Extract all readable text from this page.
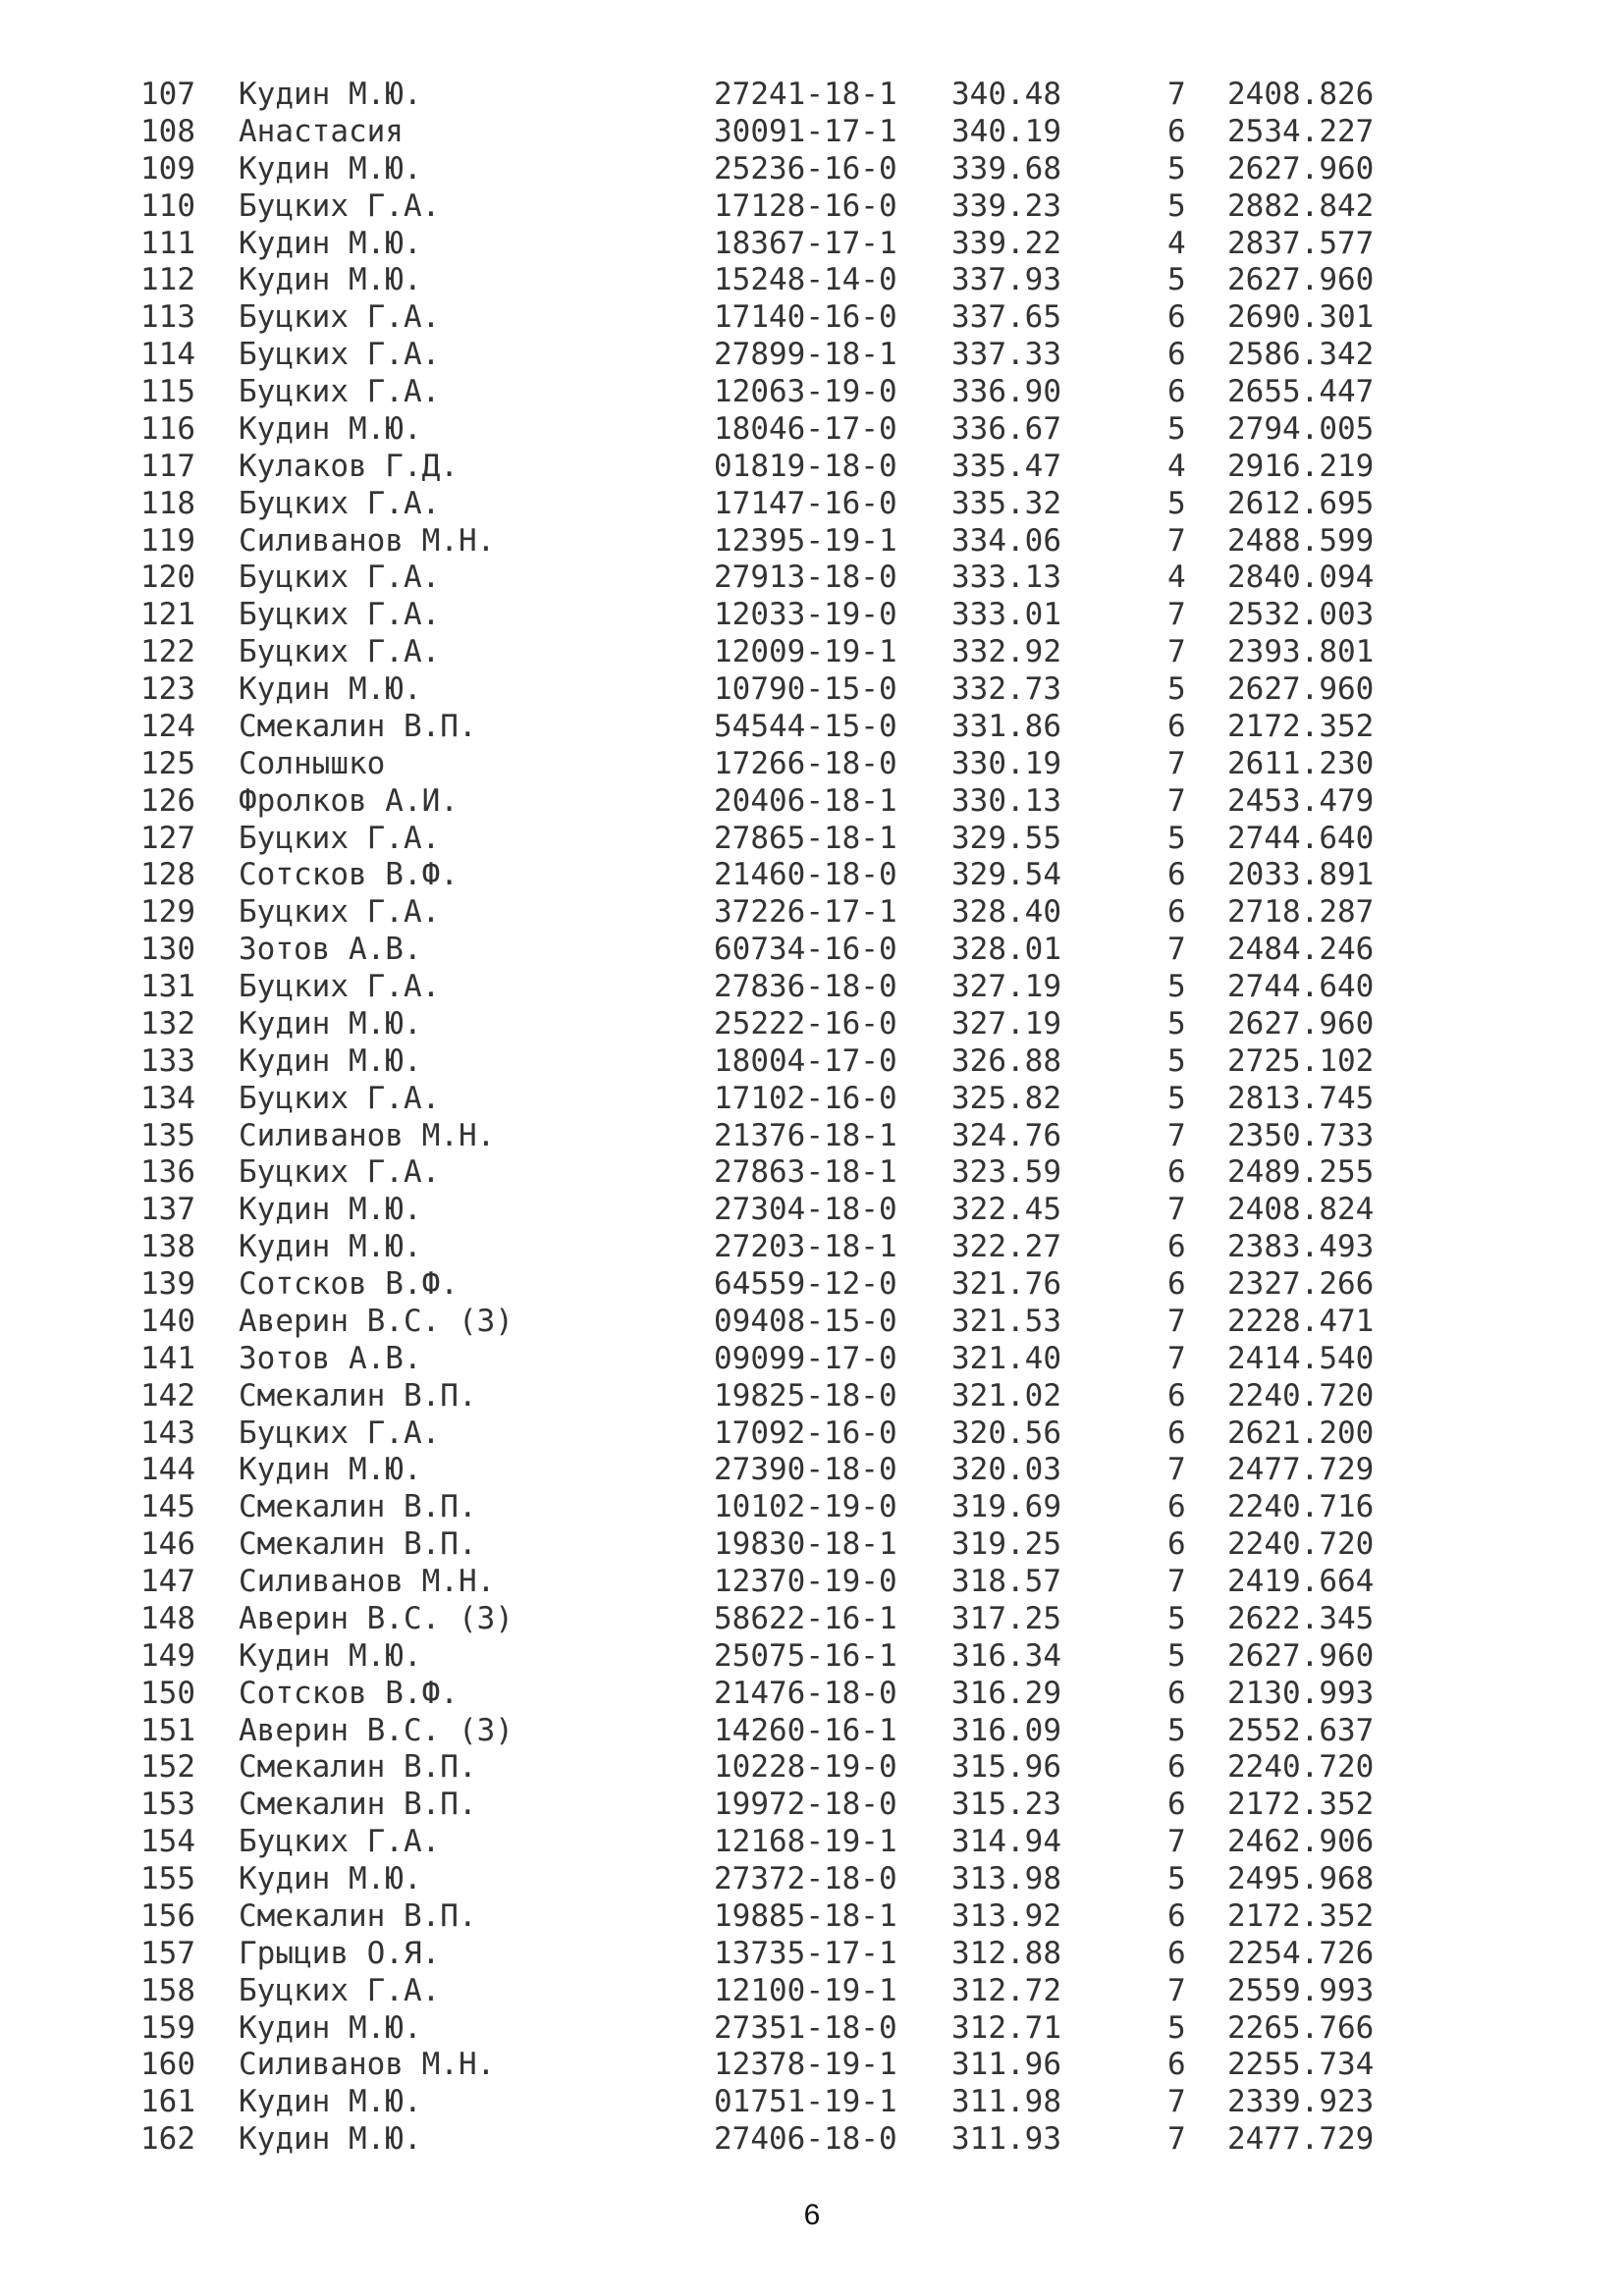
107 Кудин М.Ю.	27241-18-1 340.48	7 2408.826
108 Анастасия	30091-17-1 340.19	6 2534.227
109 Кудин М.Ю.	25236-16-0 339.68	5 2627.960
110 Буцких Г.А.	17128-16-0 339.23	5 2882.842
111 Кудин М.Ю.	18367-17-1 339.22	4 2837.577
112 Кудин М.Ю.	15248-14-0 337.93	5 2627.960
113 Буцких Г.А.	17140-16-0 337.65	6 2690.301
114 Буцких Г.А.	27899-18-1 337.33	6 2586.342
115 Буцких Г.А.	12063-19-0 336.90	6 2655.447
116 Кудин М.Ю.	18046-17-0 336.67	5 2794.005
117 Кулаков Г.Д.	01819-18-0 335.47	4 2916.219
118 Буцких Г.А.	17147-16-0 335.32	5 2612.695
119 Силиванов М.Н.	12395-19-1 334.06	7 2488.599
120 Буцких Г.А.	27913-18-0 333.13	4 2840.094
121 Буцких Г.А.	12033-19-0 333.01	7 2532.003
122 Буцких Г.А.	12009-19-1 332.92	7 2393.801
123 Кудин М.Ю.	10790-15-0 332.73	5 2627.960
124 Смекалин В.П.	54544-15-0 331.86	6 2172.352
125 Солнышко	17266-18-0 330.19	7 2611.230
126 Фролков А.И.	20406-18-1 330.13	7 2453.479
127 Буцких Г.А.	27865-18-1 329.55	5 2744.640
128 Сотсков В.Ф.	21460-18-0 329.54	6 2033.891
129 Буцких Г.А.	37226-17-1 328.40	6 2718.287
130 Зотов А.В.	60734-16-0 328.01	7 2484.246
131 Буцких Г.А.	27836-18-0 327.19	5 2744.640
132 Кудин М.Ю.	25222-16-0 327.19	5 2627.960
133 Кудин М.Ю.	18004-17-0 326.88	5 2725.102
134 Буцких Г.А.	17102-16-0 325.82	5 2813.745
135 Силиванов М.Н.	21376-18-1 324.76	7 2350.733
136 Буцких Г.А.	27863-18-1 323.59	6 2489.255
137 Кудин М.Ю.	27304-18-0 322.45	7 2408.824
138 Кудин М.Ю.	27203-18-1 322.27	6 2383.493
139 Сотсков В.Ф.	64559-12-0 321.76	6 2327.266
140 Аверин В.С. (З)	09408-15-0 321.53	7 2228.471
141 Зотов А.В.	09099-17-0 321.40	7 2414.540
142 Смекалин В.П.	19825-18-0 321.02	6 2240.720
143 Буцких Г.А.	17092-16-0 320.56	6 2621.200
144 Кудин М.Ю.	27390-18-0 320.03	7 2477.729
145 Смекалин В.П.	10102-19-0 319.69	6 2240.716
146 Смекалин В.П.	19830-18-1 319.25	6 2240.720
147 Силиванов М.Н.	12370-19-0 318.57	7 2419.664
148 Аверин В.С. (З)	58622-16-1 317.25	5 2622.345
149 Кудин М.Ю.	25075-16-1 316.34	5 2627.960
150 Сотсков В.Ф.	21476-18-0 316.29	6 2130.993
151 Аверин В.С. (З)	14260-16-1 316.09	5 2552.637
152 Смекалин В.П.	10228-19-0 315.96	6 2240.720
153 Смекалин В.П.	19972-18-0 315.23	6 2172.352
154 Буцких Г.А.	12168-19-1 314.94	7 2462.906
155 Кудин М.Ю.	27372-18-0 313.98	5 2495.968
156 Смекалин В.П.	19885-18-1 313.92	6 2172.352
157 Грыцив О.Я.	13735-17-1 312.88	6 2254.726
158 Буцких Г.А.	12100-19-1 312.72	7 2559.993
159 Кудин М.Ю.	27351-18-0 312.71	5 2265.766
160 Силиванов М.Н.	12378-19-1 311.96	6 2255.734
161 Кудин М.Ю.	01751-19-1 311.98	7 2339.923
162 Кудин М.Ю.	27406-18-0 311.93	7 2477.729
6
